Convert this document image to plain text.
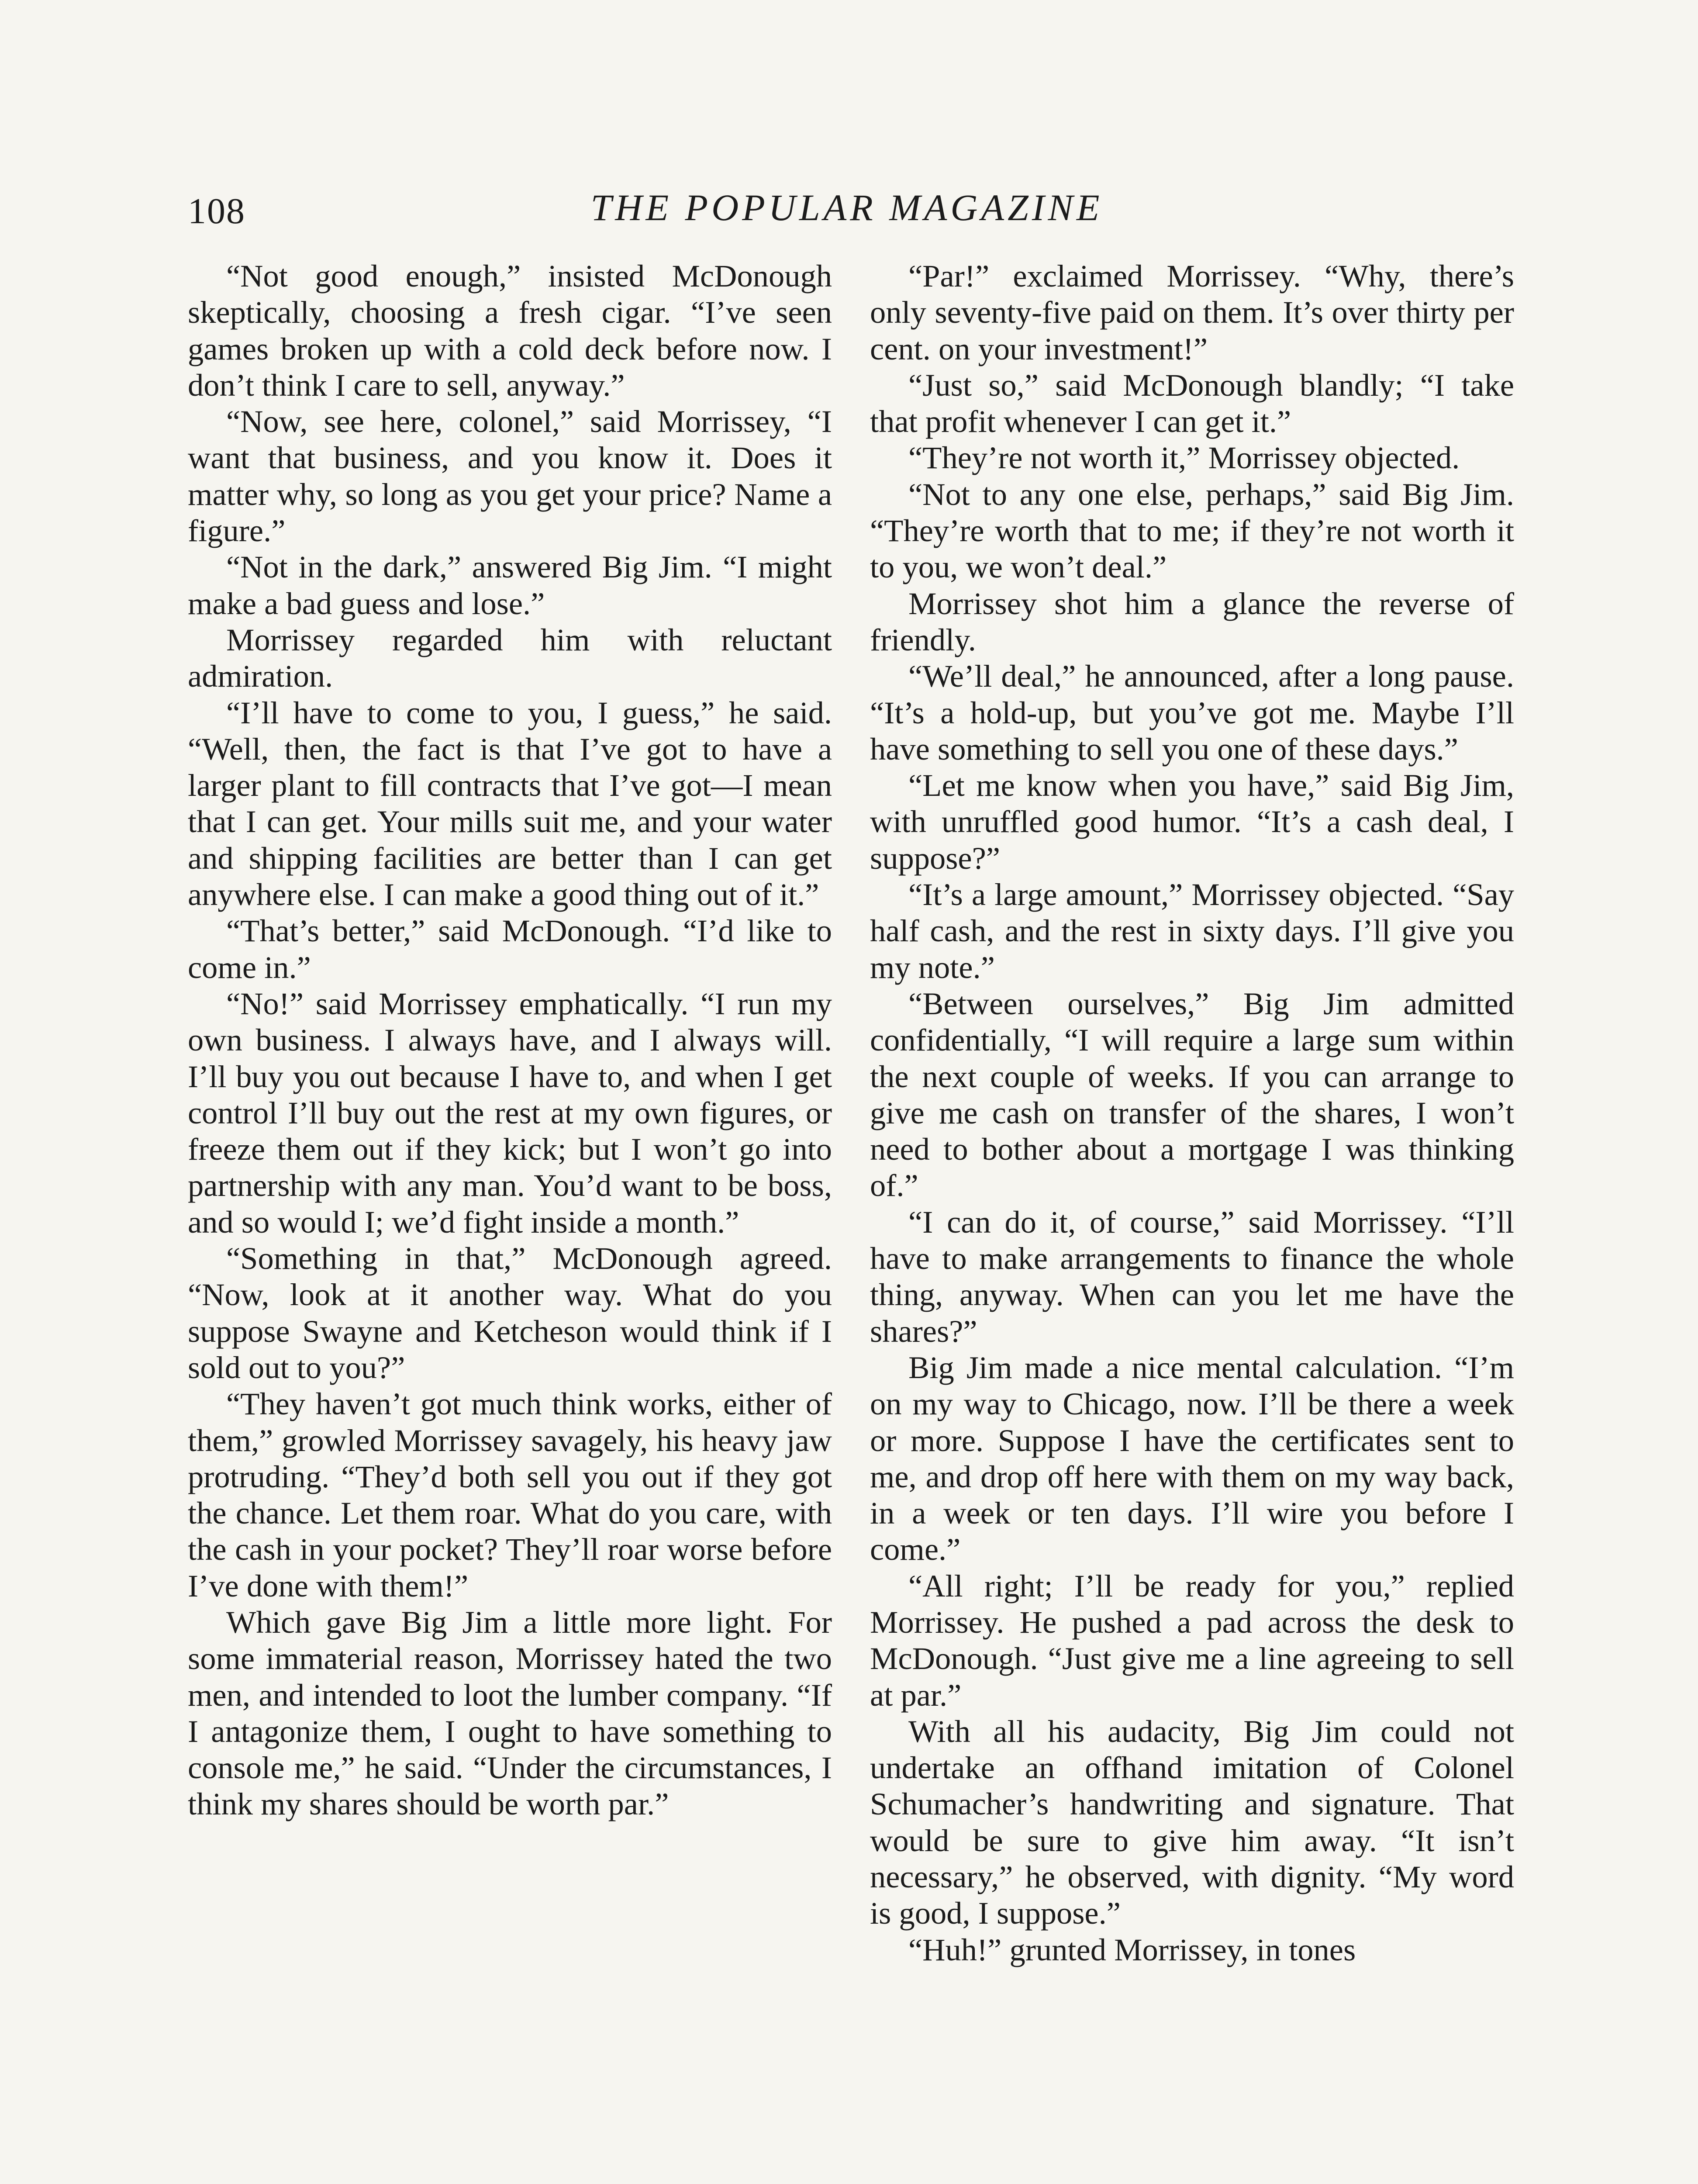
108	THE POPULAR MAGAZINE

“Not good enough,” insisted McDonough skeptically, choosing a fresh cigar. “I’ve seen games broken up with a cold deck before now. I don’t think I care to sell, anyway.”

“Now, see here, colonel,” said Morrissey, “I want that business, and you know it. Does it matter why, so long as you get your price? Name a figure.”

“Not in the dark,” answered Big Jim. “I might make a bad guess and lose.”

Morrissey regarded him with reluctant admiration.

“I’ll have to come to you, I guess,” he said. “Well, then, the fact is that I’ve got to have a larger plant to fill contracts that I’ve got—I mean that I can get. Your mills suit me, and your water and shipping facilities are better than I can get anywhere else. I can make a good thing out of it.”

“That’s better,” said McDonough. “I’d like to come in.”

“No!” said Morrissey emphatically. “I run my own business. I always have, and I always will. I’ll buy you out because I have to, and when I get control I’ll buy out the rest at my own figures, or freeze them out if they kick; but I won’t go into partnership with any man. You’d want to be boss, and so would I; we’d fight inside a month.”

“Something in that,” McDonough agreed. “Now, look at it another way. What do you suppose Swayne and Ketcheson would think if I sold out to you?”

“They haven’t got much think works, either of them,” growled Morrissey savagely, his heavy jaw protruding. “They’d both sell you out if they got the chance. Let them roar. What do you care, with the cash in your pocket? They’ll roar worse before I’ve done with them!”

Which gave Big Jim a little more light. For some immaterial reason, Morrissey hated the two men, and intended to loot the lumber company. “If I antagonize them, I ought to have something to console me,” he said. “Under the circumstances, I think my shares should be worth par.”

“Par!” exclaimed Morrissey. “Why, there’s only seventy-five paid on them. It’s over thirty per cent. on your investment!”

“Just so,” said McDonough blandly; “I take that profit whenever I can get it.”

“They’re not worth it,” Morrissey objected.

“Not to any one else, perhaps,” said Big Jim. “They’re worth that to me; if they’re not worth it to you, we won’t deal.”

Morrissey shot him a glance the reverse of friendly.

“We’ll deal,” he announced, after a long pause. “It’s a hold-up, but you’ve got me. Maybe I’ll have something to sell you one of these days.”

“Let me know when you have,” said Big Jim, with unruffled good humor. “It’s a cash deal, I suppose?”

“It’s a large amount,” Morrissey objected. “Say half cash, and the rest in sixty days. I’ll give you my note.”

“Between ourselves,” Big Jim admitted confidentially, “I will require a large sum within the next couple of weeks. If you can arrange to give me cash on transfer of the shares, I won’t need to bother about a mortgage I was thinking of.”

“I can do it, of course,” said Morrissey. “I’ll have to make arrangements to finance the whole thing, anyway. When can you let me have the shares?”

Big Jim made a nice mental calculation. “I’m on my way to Chicago, now. I’ll be there a week or more. Suppose I have the certificates sent to me, and drop off here with them on my way back, in a week or ten days. I’ll wire you before I come.”

“All right; I’ll be ready for you,” replied Morrissey. He pushed a pad across the desk to McDonough. “Just give me a line agreeing to sell at par.”

With all his audacity, Big Jim could not undertake an offhand imitation of Colonel Schumacher’s handwriting and signature. That would be sure to give him away. “It isn’t necessary,” he observed, with dignity. “My word is good, I suppose.”

“Huh!” grunted Morrissey, in tones
